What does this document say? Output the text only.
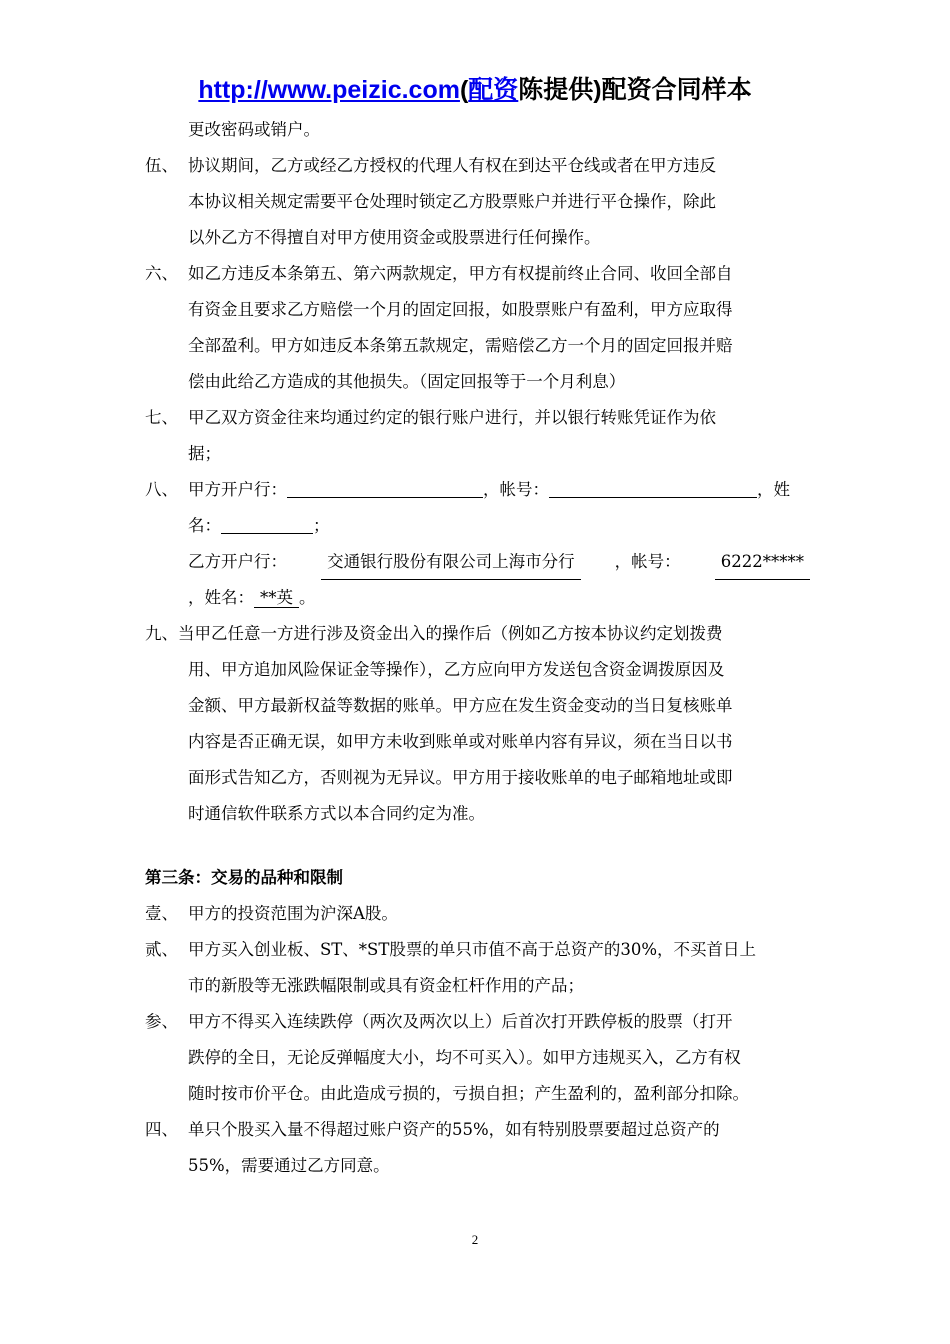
http://www.peizic.com(配资陈提供)配资合同样本
更改密码或销户。
伍、 协议期间，乙方或经乙方授权的代理人有权在到达平仓线或者在甲方违反
本协议相关规定需要平仓处理时锁定乙方股票账户并进行平仓操作，除此
以外乙方不得擅自对甲方使用资金或股票进行任何操作。
六、 如乙方违反本条第五、第六两款规定，甲方有权提前终止合同、收回全部自
有资金且要求乙方赔偿一个月的固定回报，如股票账户有盈利，甲方应取得
全部盈利。甲方如违反本条第五款规定，需赔偿乙方一个月的固定回报并赔
偿由此给乙方造成的其他损失。（固定回报等于一个月利息）
七、 甲乙双方资金往来均通过约定的银行账户进行，并以银行转账凭证作为依
据；
八、 甲方开户行：	，帐号：	，姓
名：	；
乙方开户行：	交通银行股份有限公司上海市分行	，帐号：	6222*****
，姓名： **英 。
九、当甲乙任意一方进行涉及资金出入的操作后（例如乙方按本协议约定划拨费
用、甲方追加风险保证金等操作），乙方应向甲方发送包含资金调拨原因及
金额、甲方最新权益等数据的账单。甲方应在发生资金变动的当日复核账单
内容是否正确无误，如甲方未收到账单或对账单内容有异议，须在当日以书
面形式告知乙方，否则视为无异议。甲方用于接收账单的电子邮箱地址或即
时通信软件联系方式以本合同约定为准。
第三条：交易的品种和限制
壹、 甲方的投资范围为沪深A股。
贰、 甲方买入创业板、ST、*ST股票的单只市值不高于总资产的30%，不买首日上
市的新股等无涨跌幅限制或具有资金杠杆作用的产品；
参、 甲方不得买入连续跌停（两次及两次以上）后首次打开跌停板的股票（打开
跌停的全日，无论反弹幅度大小，均不可买入）。如甲方违规买入，乙方有权
随时按市价平仓。由此造成亏损的，亏损自担；产生盈利的，盈利部分扣除。
四、 单只个股买入量不得超过账户资产的55%，如有特别股票要超过总资产的
55%，需要通过乙方同意。
2
